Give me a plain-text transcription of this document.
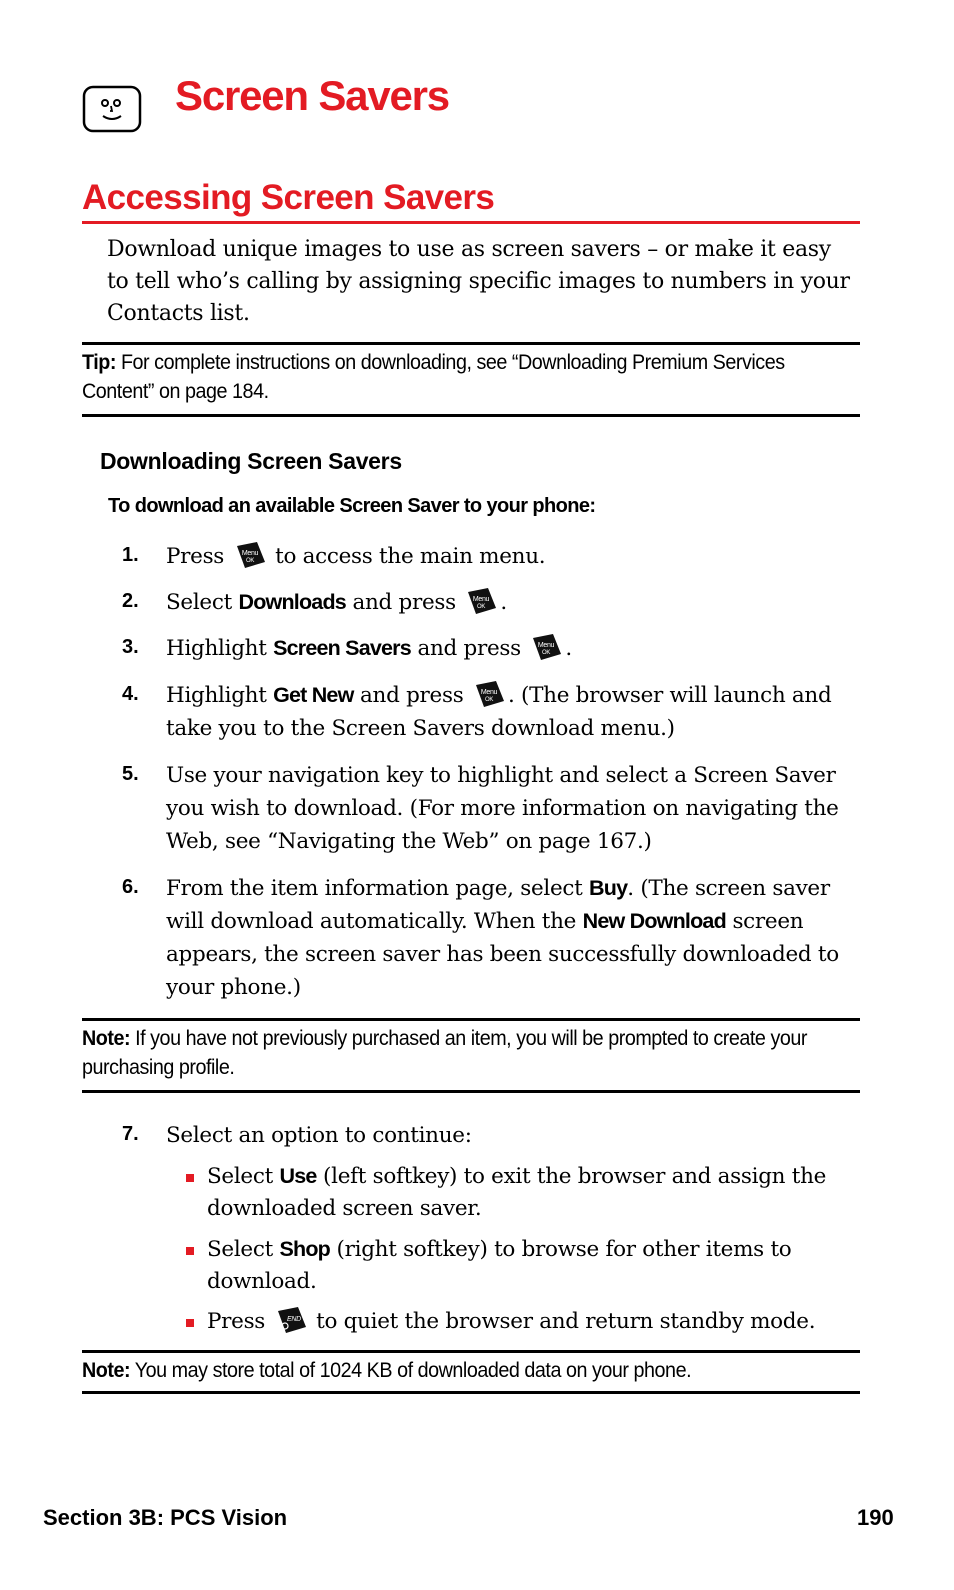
Screen Savers
Accessing Screen Savers

Download unique images to use as screen savers – or make it easy to tell who’s calling by assigning specific images to numbers in your Contacts list.

Tip: For complete instructions on downloading, see “Downloading Premium Services Content” on page 184.

Downloading Screen Savers

To download an available Screen Saver to your phone:

1. Press Menu
OK to access the main menu.

2. Select Downloads and press Menu
OK .

3. Highlight Screen Savers and press Menu
OK .

4. Highlight Get New and press Menu
OK . (The browser will launch and take you to the Screen Savers download menu.)

5. Use your navigation key to highlight and select a Screen Saver you wish to download. (For more information on navigating the Web, see “Navigating the Web” on page 167.)

6. From the item information page, select Buy. (The screen saver will download automatically. When the New Download screen appears, the screen saver has been successfully downloaded to your phone.)

Note: If you have not previously purchased an item, you will be prompted to create your purchasing profile.

7. Select an option to continue:

Select Use (left softkey) to exit the browser and assign the downloaded screen saver.

Select Shop (right softkey) to browse for other items to download.

Press END to quiet the browser and return standby mode.

Note: You may store total of 1024 KB of downloaded data on your phone.

Section 3B: PCS Vision	190
